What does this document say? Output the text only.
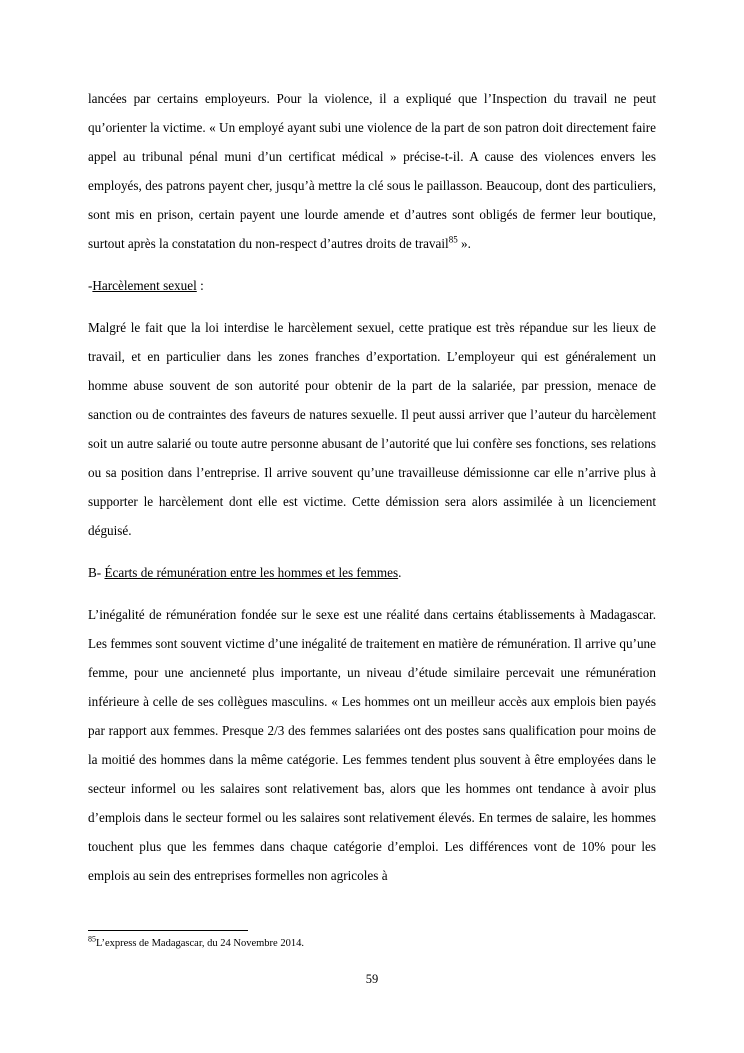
lancées par certains employeurs. Pour la violence, il a expliqué que l’Inspection du travail ne peut qu’orienter la victime. « Un employé ayant subi une violence de la part de son patron doit directement faire appel au tribunal pénal muni d’un certificat médical » précise-t-il. A cause des violences envers les employés, des patrons payent cher, jusqu’à mettre la clé sous le paillasson. Beaucoup, dont des particuliers, sont mis en prison, certain payent une lourde amende et d’autres sont obligés de fermer leur boutique, surtout après la constatation du non-respect d’autres droits de travail$^{85}$ ».

-Harcèlement sexuel :

Malgré le fait que la loi interdise le harcèlement sexuel, cette pratique est très répandue sur les lieux de travail, et en particulier dans les zones franches d’exportation. L’employeur qui est généralement un homme abuse souvent de son autorité pour obtenir de la part de la salariée, par pression, menace de sanction ou de contraintes des faveurs de natures sexuelle. Il peut aussi arriver que l’auteur du harcèlement soit un autre salarié ou toute autre personne abusant de l’autorité que lui confère ses fonctions, ses relations ou sa position dans l’entreprise. Il arrive souvent qu’une travailleuse démissionne car elle n’arrive plus à supporter le harcèlement dont elle est victime. Cette démission sera alors assimilée à un licenciement déguisé.

B- Écarts de rémunération entre les hommes et les femmes.

L’inégalité de rémunération fondée sur le sexe est une réalité dans certains établissements à Madagascar. Les femmes sont souvent victime d’une inégalité de traitement en matière de rémunération. Il arrive qu’une femme, pour une ancienneté plus importante, un niveau d’étude similaire percevait une rémunération inférieure à celle de ses collègues masculins. « Les hommes ont un meilleur accès aux emplois bien payés par rapport aux femmes. Presque 2/3 des femmes salariées ont des postes sans qualification pour moins de la moitié des hommes dans la même catégorie. Les femmes tendent plus souvent à être employées dans le secteur informel ou les salaires sont relativement bas, alors que les hommes ont tendance à avoir plus d’emplois dans le secteur formel ou les salaires sont relativement élevés. En termes de salaire, les hommes touchent plus que les femmes dans chaque catégorie d’emploi. Les différences vont de 10% pour les emplois au sein des entreprises formelles non agricoles à

$^{85}$L’express de Madagascar, du 24 Novembre 2014.

59
